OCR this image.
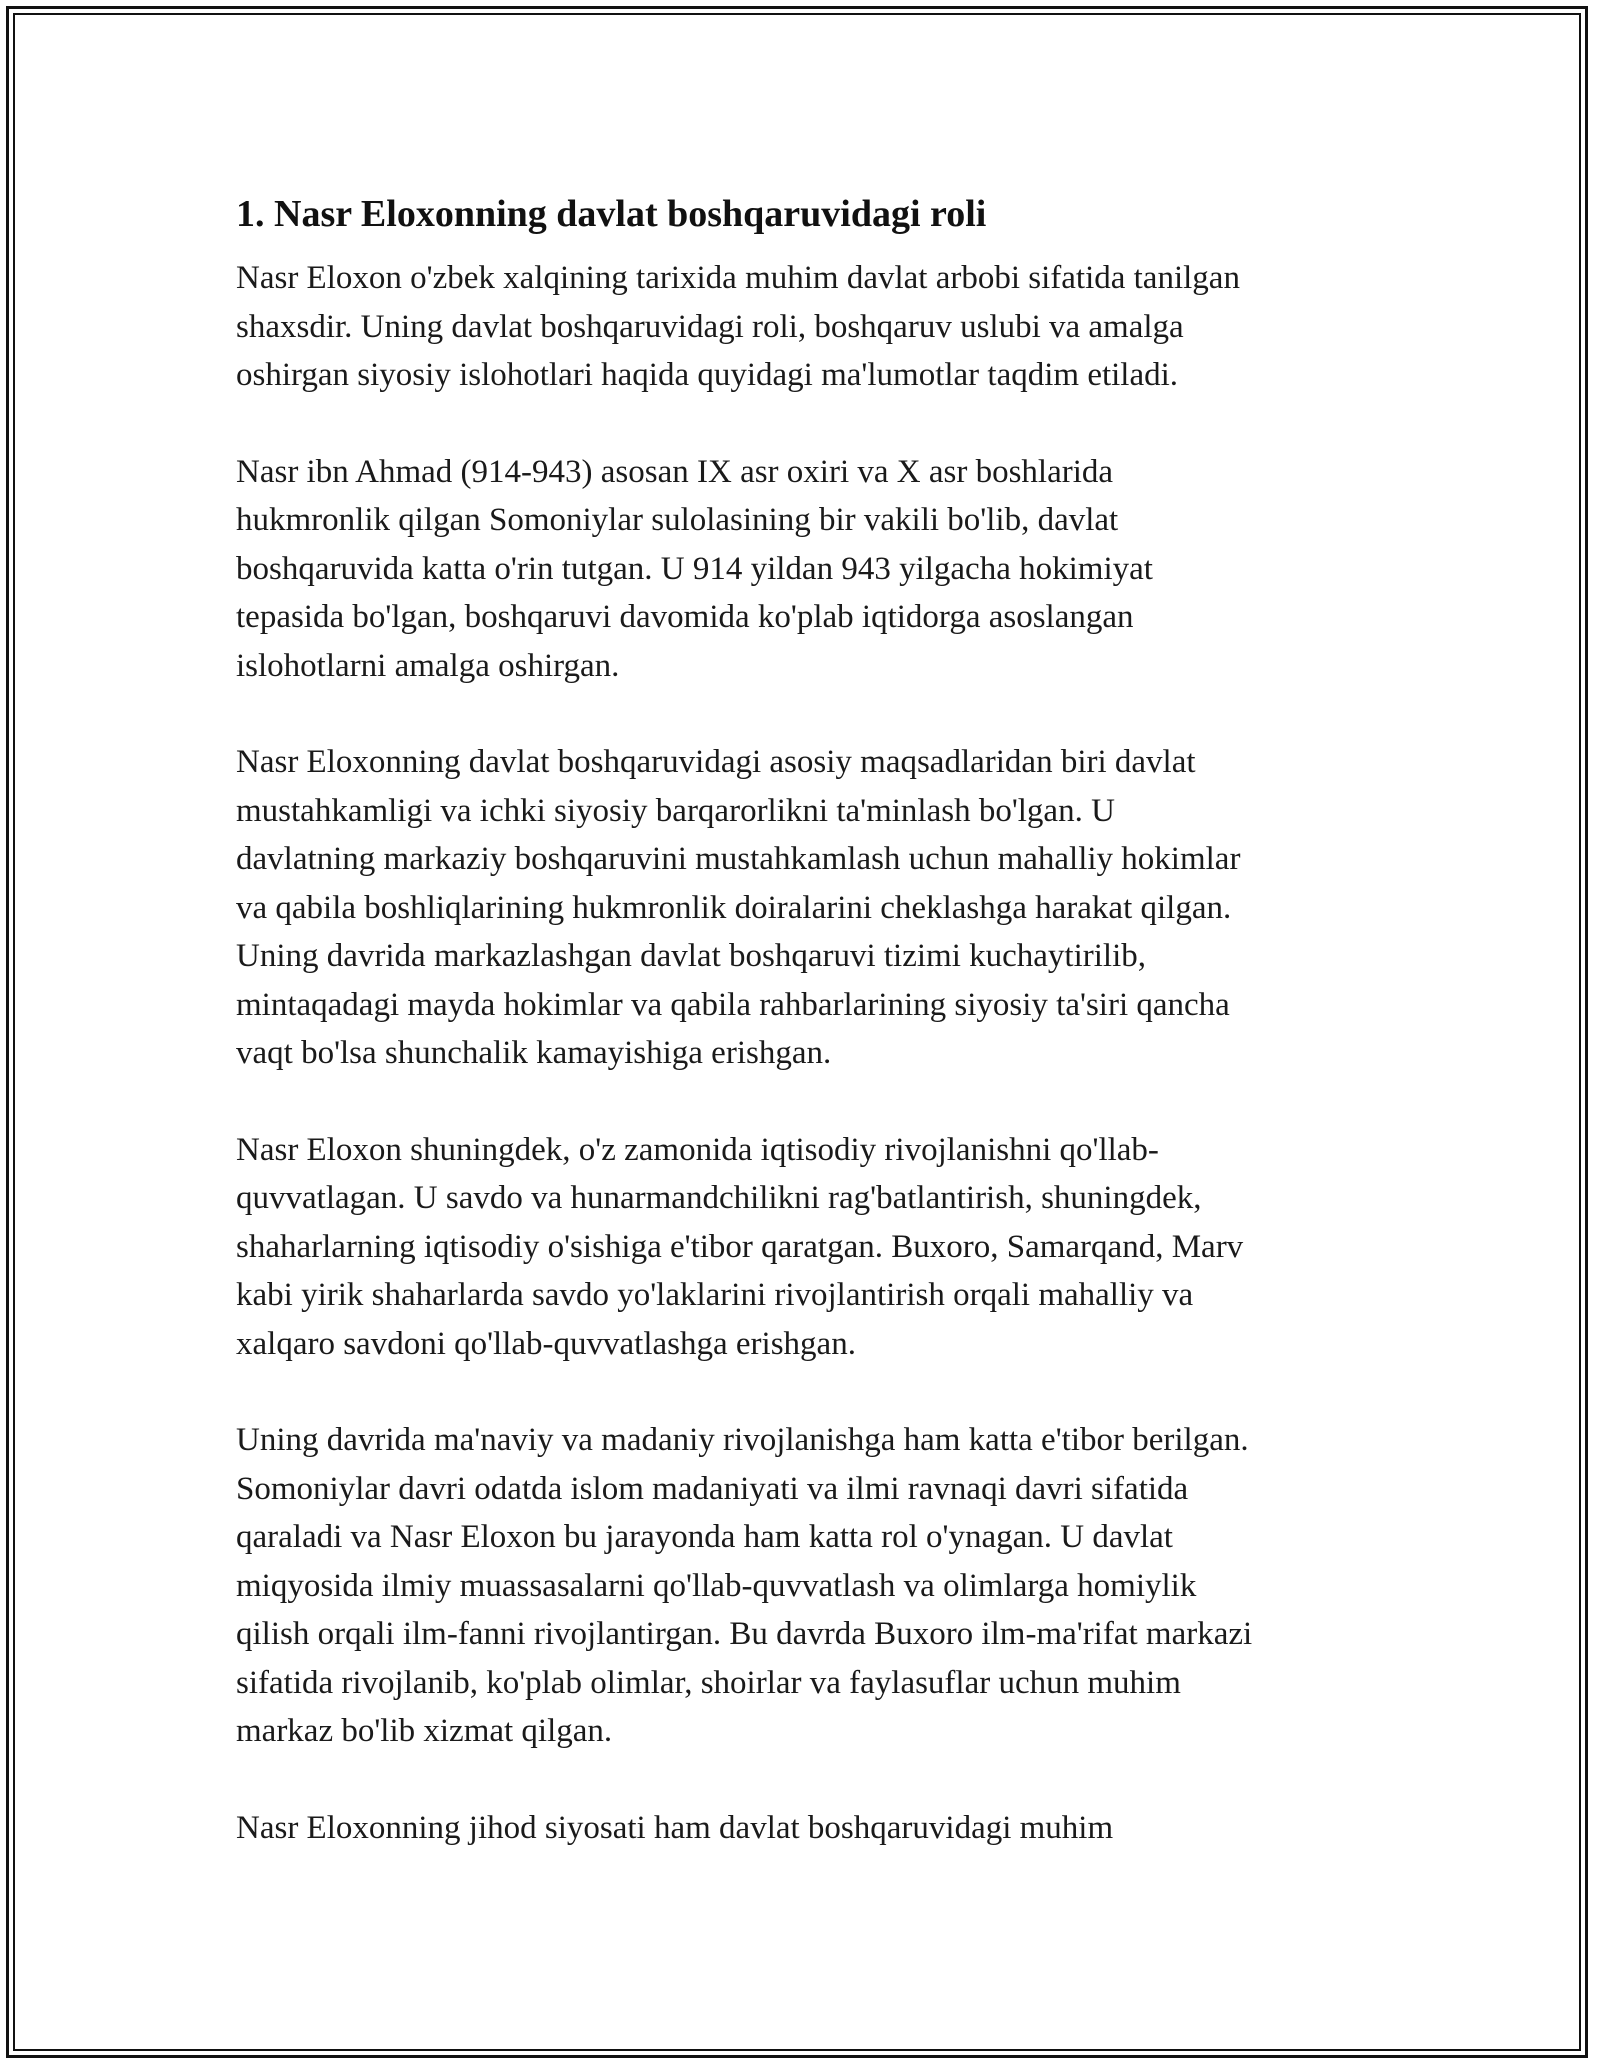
1. Nasr Eloxonning davlat boshqaruvidagi roli

Nasr Eloxon o'zbek xalqining tarixida muhim davlat arbobi sifatida tanilgan
shaxsdir. Uning davlat boshqaruvidagi roli, boshqaruv uslubi va amalga
oshirgan siyosiy islohotlari haqida quyidagi ma'lumotlar taqdim etiladi.

Nasr ibn Ahmad (914-943) asosan IX asr oxiri va X asr boshlarida
hukmronlik qilgan Somoniylar sulolasining bir vakili bo'lib, davlat
boshqaruvida katta o'rin tutgan. U 914 yildan 943 yilgacha hokimiyat
tepasida bo'lgan, boshqaruvi davomida ko'plab iqtidorga asoslangan
islohotlarni amalga oshirgan.

Nasr Eloxonning davlat boshqaruvidagi asosiy maqsadlaridan biri davlat
mustahkamligi va ichki siyosiy barqarorlikni ta'minlash bo'lgan. U
davlatning markaziy boshqaruvini mustahkamlash uchun mahalliy hokimlar
va qabila boshliqlarining hukmronlik doiralarini cheklashga harakat qilgan.
Uning davrida markazlashgan davlat boshqaruvi tizimi kuchaytirilib,
mintaqadagi mayda hokimlar va qabila rahbarlarining siyosiy ta'siri qancha
vaqt bo'lsa shunchalik kamayishiga erishgan.

Nasr Eloxon shuningdek, o'z zamonida iqtisodiy rivojlanishni qo'llab-
quvvatlagan. U savdo va hunarmandchilikni rag'batlantirish, shuningdek,
shaharlarning iqtisodiy o'sishiga e'tibor qaratgan. Buxoro, Samarqand, Marv
kabi yirik shaharlarda savdo yo'laklarini rivojlantirish orqali mahalliy va
xalqaro savdoni qo'llab-quvvatlashga erishgan.

Uning davrida ma'naviy va madaniy rivojlanishga ham katta e'tibor berilgan.
Somoniylar davri odatda islom madaniyati va ilmi ravnaqi davri sifatida
qaraladi va Nasr Eloxon bu jarayonda ham katta rol o'ynagan. U davlat
miqyosida ilmiy muassasalarni qo'llab-quvvatlash va olimlarga homiylik
qilish orqali ilm-fanni rivojlantirgan. Bu davrda Buxoro ilm-ma'rifat markazi
sifatida rivojlanib, ko'plab olimlar, shoirlar va faylasuflar uchun muhim
markaz bo'lib xizmat qilgan.

Nasr Eloxonning jihod siyosati ham davlat boshqaruvidagi muhim
